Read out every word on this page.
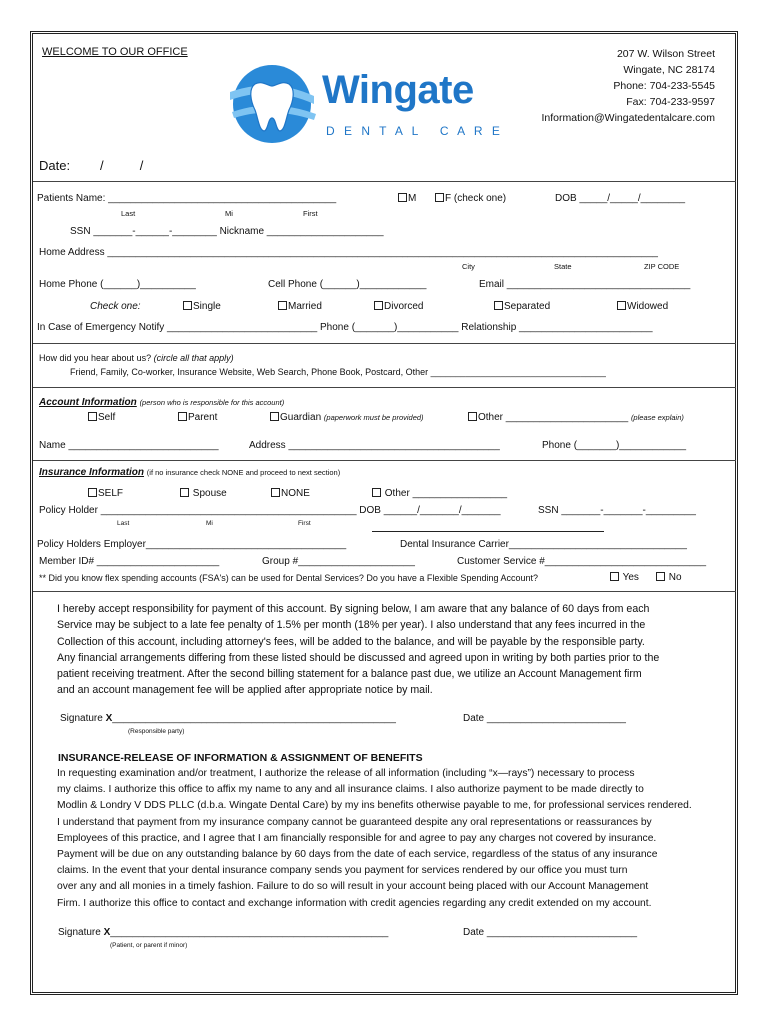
WELCOME TO OUR OFFICE
Wingate
D E N T A L   C A R E
207 W. Wilson Street
Wingate, NC 28174
Phone: 704-233-5545
Fax: 704-233-9597
Information@Wingatedentalcare.com
Date: /          /
Patients Name: _________________________________________	M	F (check one)	DOB _____/_____/________
Last	Mi	First
SSN _______-______-________ Nickname _____________________
Home Address ___________________________________________________________________________________________________
City	State	ZIP CODE
Home Phone (______)__________	Cell Phone (______)____________	Email _________________________________
Check one:	Single	Married	Divorced	Separated	Widowed
In Case of Emergency Notify ___________________________ Phone (_______)___________ Relationship ________________________
How did you hear about us? (circle all that apply)
Friend, Family, Co-worker, Insurance Website, Web Search, Phone Book, Postcard, Other ___________________________________
Account Information (person who is responsible for this account)
Self	Parent	Guardian (paperwork must be provided)	Other ______________________ (please explain)
Name ___________________________	Address ______________________________________	Phone (_______)____________
Insurance Information (if no insurance check NONE and proceed to next section)
SELF	Spouse	NONE	Other _________________
Policy Holder ______________________________________________ DOB ______/_______/_______	SSN _______-_______-_________
Last	Mi	First
Policy Holders Employer____________________________________	Dental Insurance Carrier________________________________
Member ID# ______________________	Group #_____________________	Customer Service #_____________________________
** Did you know flex spending accounts (FSA's) can be used for Dental Services? Do you have a Flexible Spending Account?	Yes	No

I hereby accept responsibility for payment of this account. By signing below, I am aware that any balance of 60 days from each

Service may be subject to a late fee penalty of 1.5% per month (18% per year). I also understand that any fees incurred in the

Collection of this account, including attorney's fees, will be added to the balance, and will be payable by the responsible party.

Any financial arrangements differing from these listed should be discussed and agreed upon in writing by both parties prior to the

patient receiving treatment. After the second billing statement for a balance past due, we utilize an Account Management firm

and an account management fee will be applied after appropriate notice by mail.

Signature X___________________________________________________	Date _________________________
(Responsible party)
INSURANCE-RELEASE OF INFORMATION & ASSIGNMENT OF BENEFITS

In requesting examination and/or treatment, I authorize the release of all information (including “x—rays”) necessary to process

my claims. I authorize this office to affix my name to any and all insurance claims. I also authorize payment to be made directly to

Modlin & Londry V DDS PLLC (d.b.a. Wingate Dental Care) by my ins benefits otherwise payable to me, for professional services rendered.

I understand that payment from my insurance company cannot be guaranteed despite any oral representations or reassurances by

Employees of this practice, and I agree that I am financially responsible for and agree to pay any charges not covered by insurance.

Payment will be due on any outstanding balance by 60 days from the date of each service, regardless of the status of any insurance

claims. In the event that your dental insurance company sends you payment for services rendered by our office you must turn

over any and all monies in a timely fashion. Failure to do so will result in your account being placed with our Account Management

Firm. I authorize this office to contact and exchange information with credit agencies regarding any credit extended on my account.

Signature X__________________________________________________	Date ___________________________
(Patient, or parent if minor)
